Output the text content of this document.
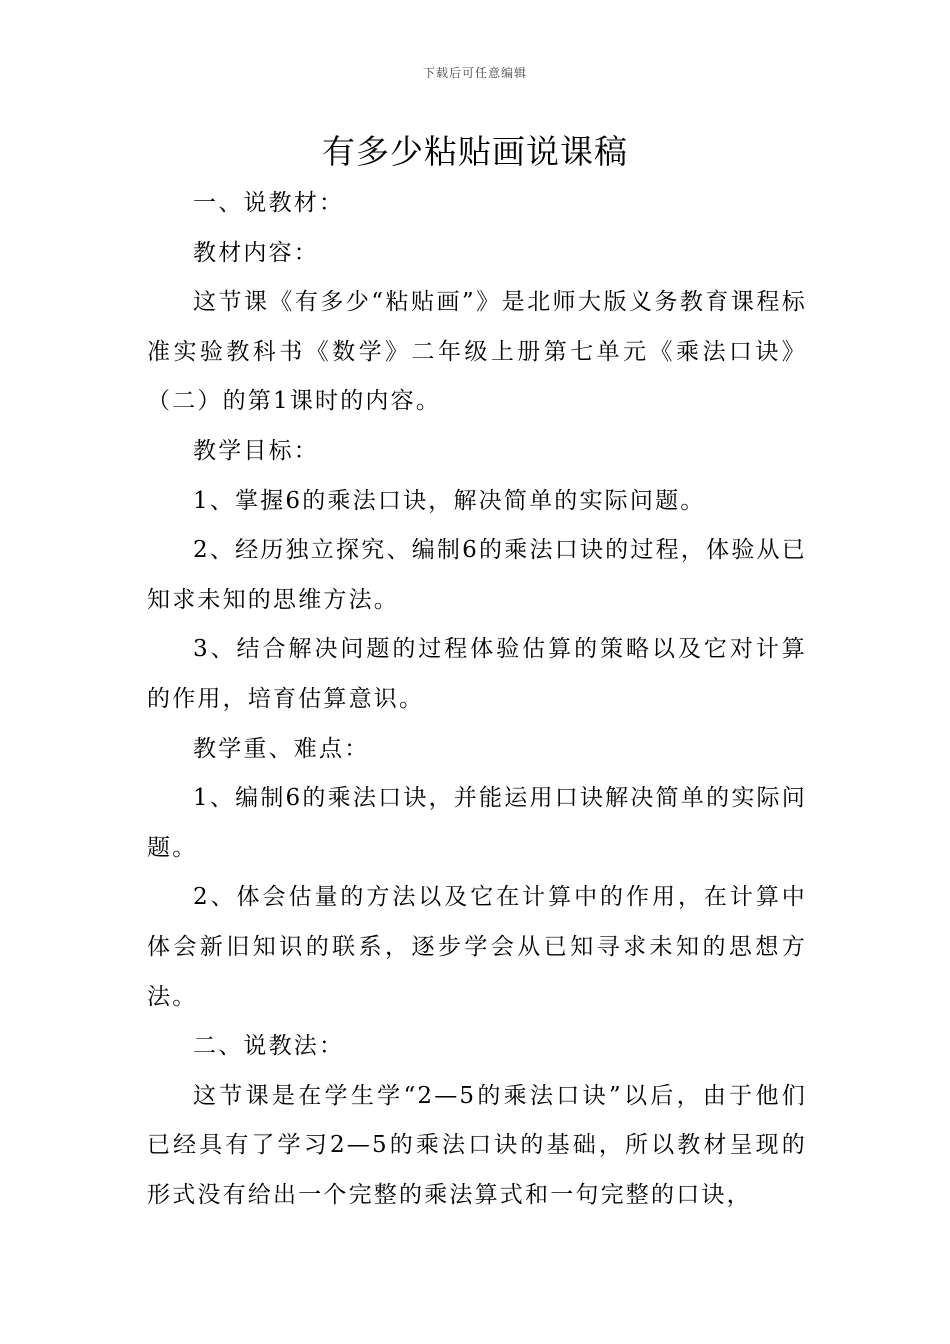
下载后可任意编辑
有多少粘贴画说课稿

一、说教材：

教材内容：

这节课《有多少“粘贴画”》是北师大版义务教育课程标准实验教科书《数学》二年级上册第七单元《乘法口诀》（二）的第1课时的内容。

教学目标：

1、掌握6的乘法口诀，解决简单的实际问题。

2、经历独立探究、编制6的乘法口诀的过程，体验从已知求未知的思维方法。

3、结合解决问题的过程体验估算的策略以及它对计算的作用，培育估算意识。

教学重、难点：

1、编制6的乘法口诀，并能运用口诀解决简单的实际问题。

2、体会估量的方法以及它在计算中的作用，在计算中体会新旧知识的联系，逐步学会从已知寻求未知的思想方法。

二、说教法：

这节课是在学生学“2—5的乘法口诀”以后，由于他们已经具有了学习2—5的乘法口诀的基础，所以教材呈现的形式没有给出一个完整的乘法算式和一句完整的口诀，
